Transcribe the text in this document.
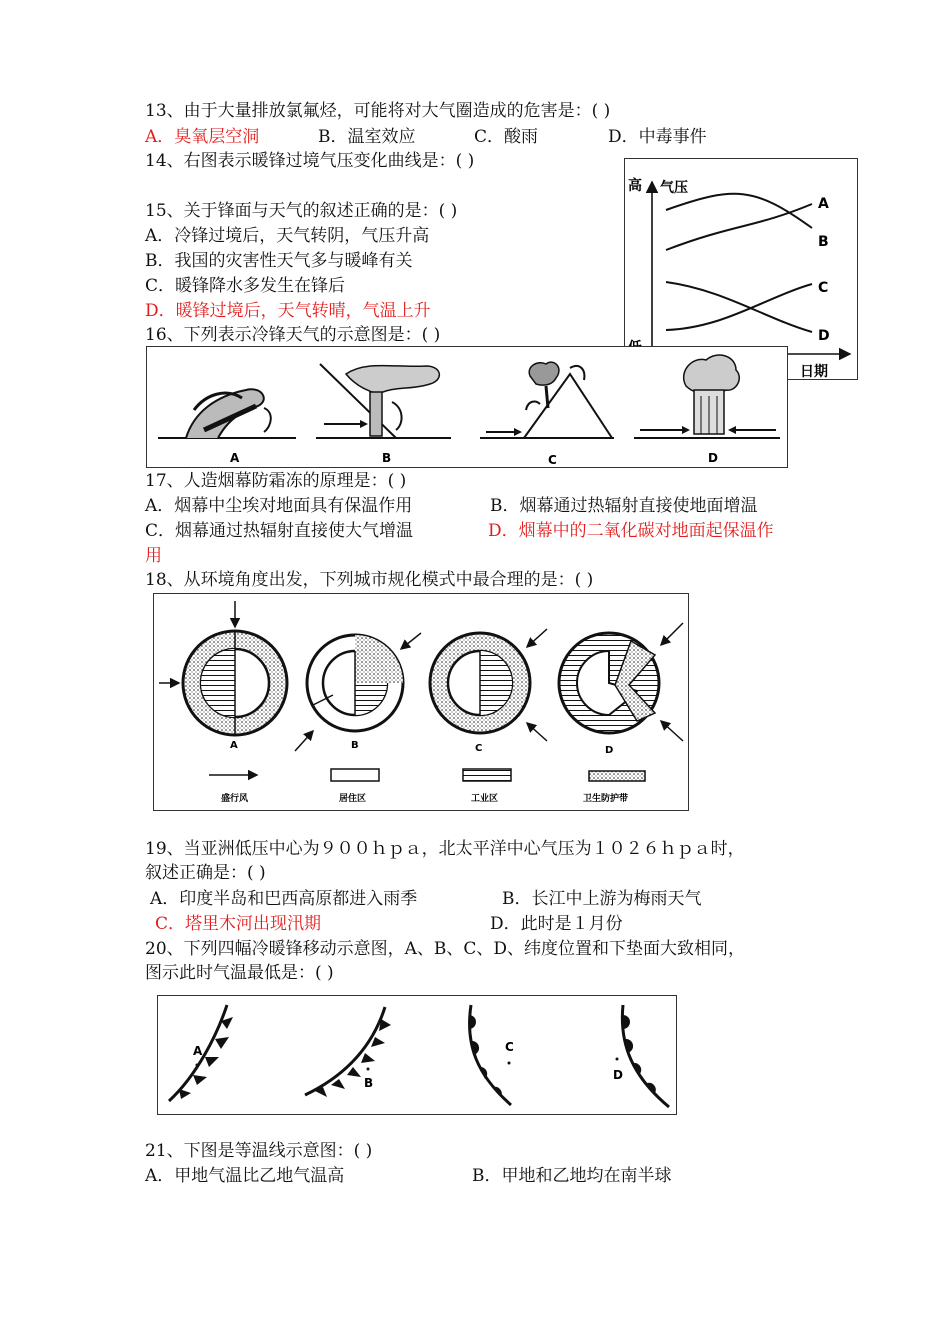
13、由于大量排放氯氟烃，可能将对大气圈造成的危害是：( )
A．臭氧层空洞	B．温室效应	C．酸雨	D．中毒事件
14、右图表示暖锋过境气压变化曲线是：( )
高 气压
日期
A
B
C
D
15、关于锋面与天气的叙述正确的是：( )
A．冷锋过境后，天气转阴，气压升高
B．我国的灾害性天气多与暖峰有关
C．暖锋降水多发生在锋后
D．暖锋过境后，天气转晴，气温上升
16、下列表示冷锋天气的示意图是：( )
A	B	C	D
17、人造烟幕防霜冻的原理是：( )
A．烟幕中尘埃对地面具有保温作用	B．烟幕通过热辐射直接使地面增温
C．烟幕通过热辐射直接使大气增温	D．烟幕中的二氧化碳对地面起保温作
用
18、从环境角度出发，下列城市规化模式中最合理的是：( )
A	B	C	D
盛行风	居住区	工业区	卫生防护带
19、当亚洲低压中心为９００ｈｐａ，北太平洋中心气压为１０２６ｈｐａ时，
叙述正确是：( )
A．印度半岛和巴西高原都进入雨季	B．长江中上游为梅雨天气
C．塔里木河出现汛期	D．此时是１月份
20、下列四幅冷暖锋移动示意图，A、B、C、D、纬度位置和下垫面大致相同，
图示此时气温最低是：( )
A
B
C
D
21、下图是等温线示意图：( )
A．甲地气温比乙地气温高	B．甲地和乙地均在南半球
